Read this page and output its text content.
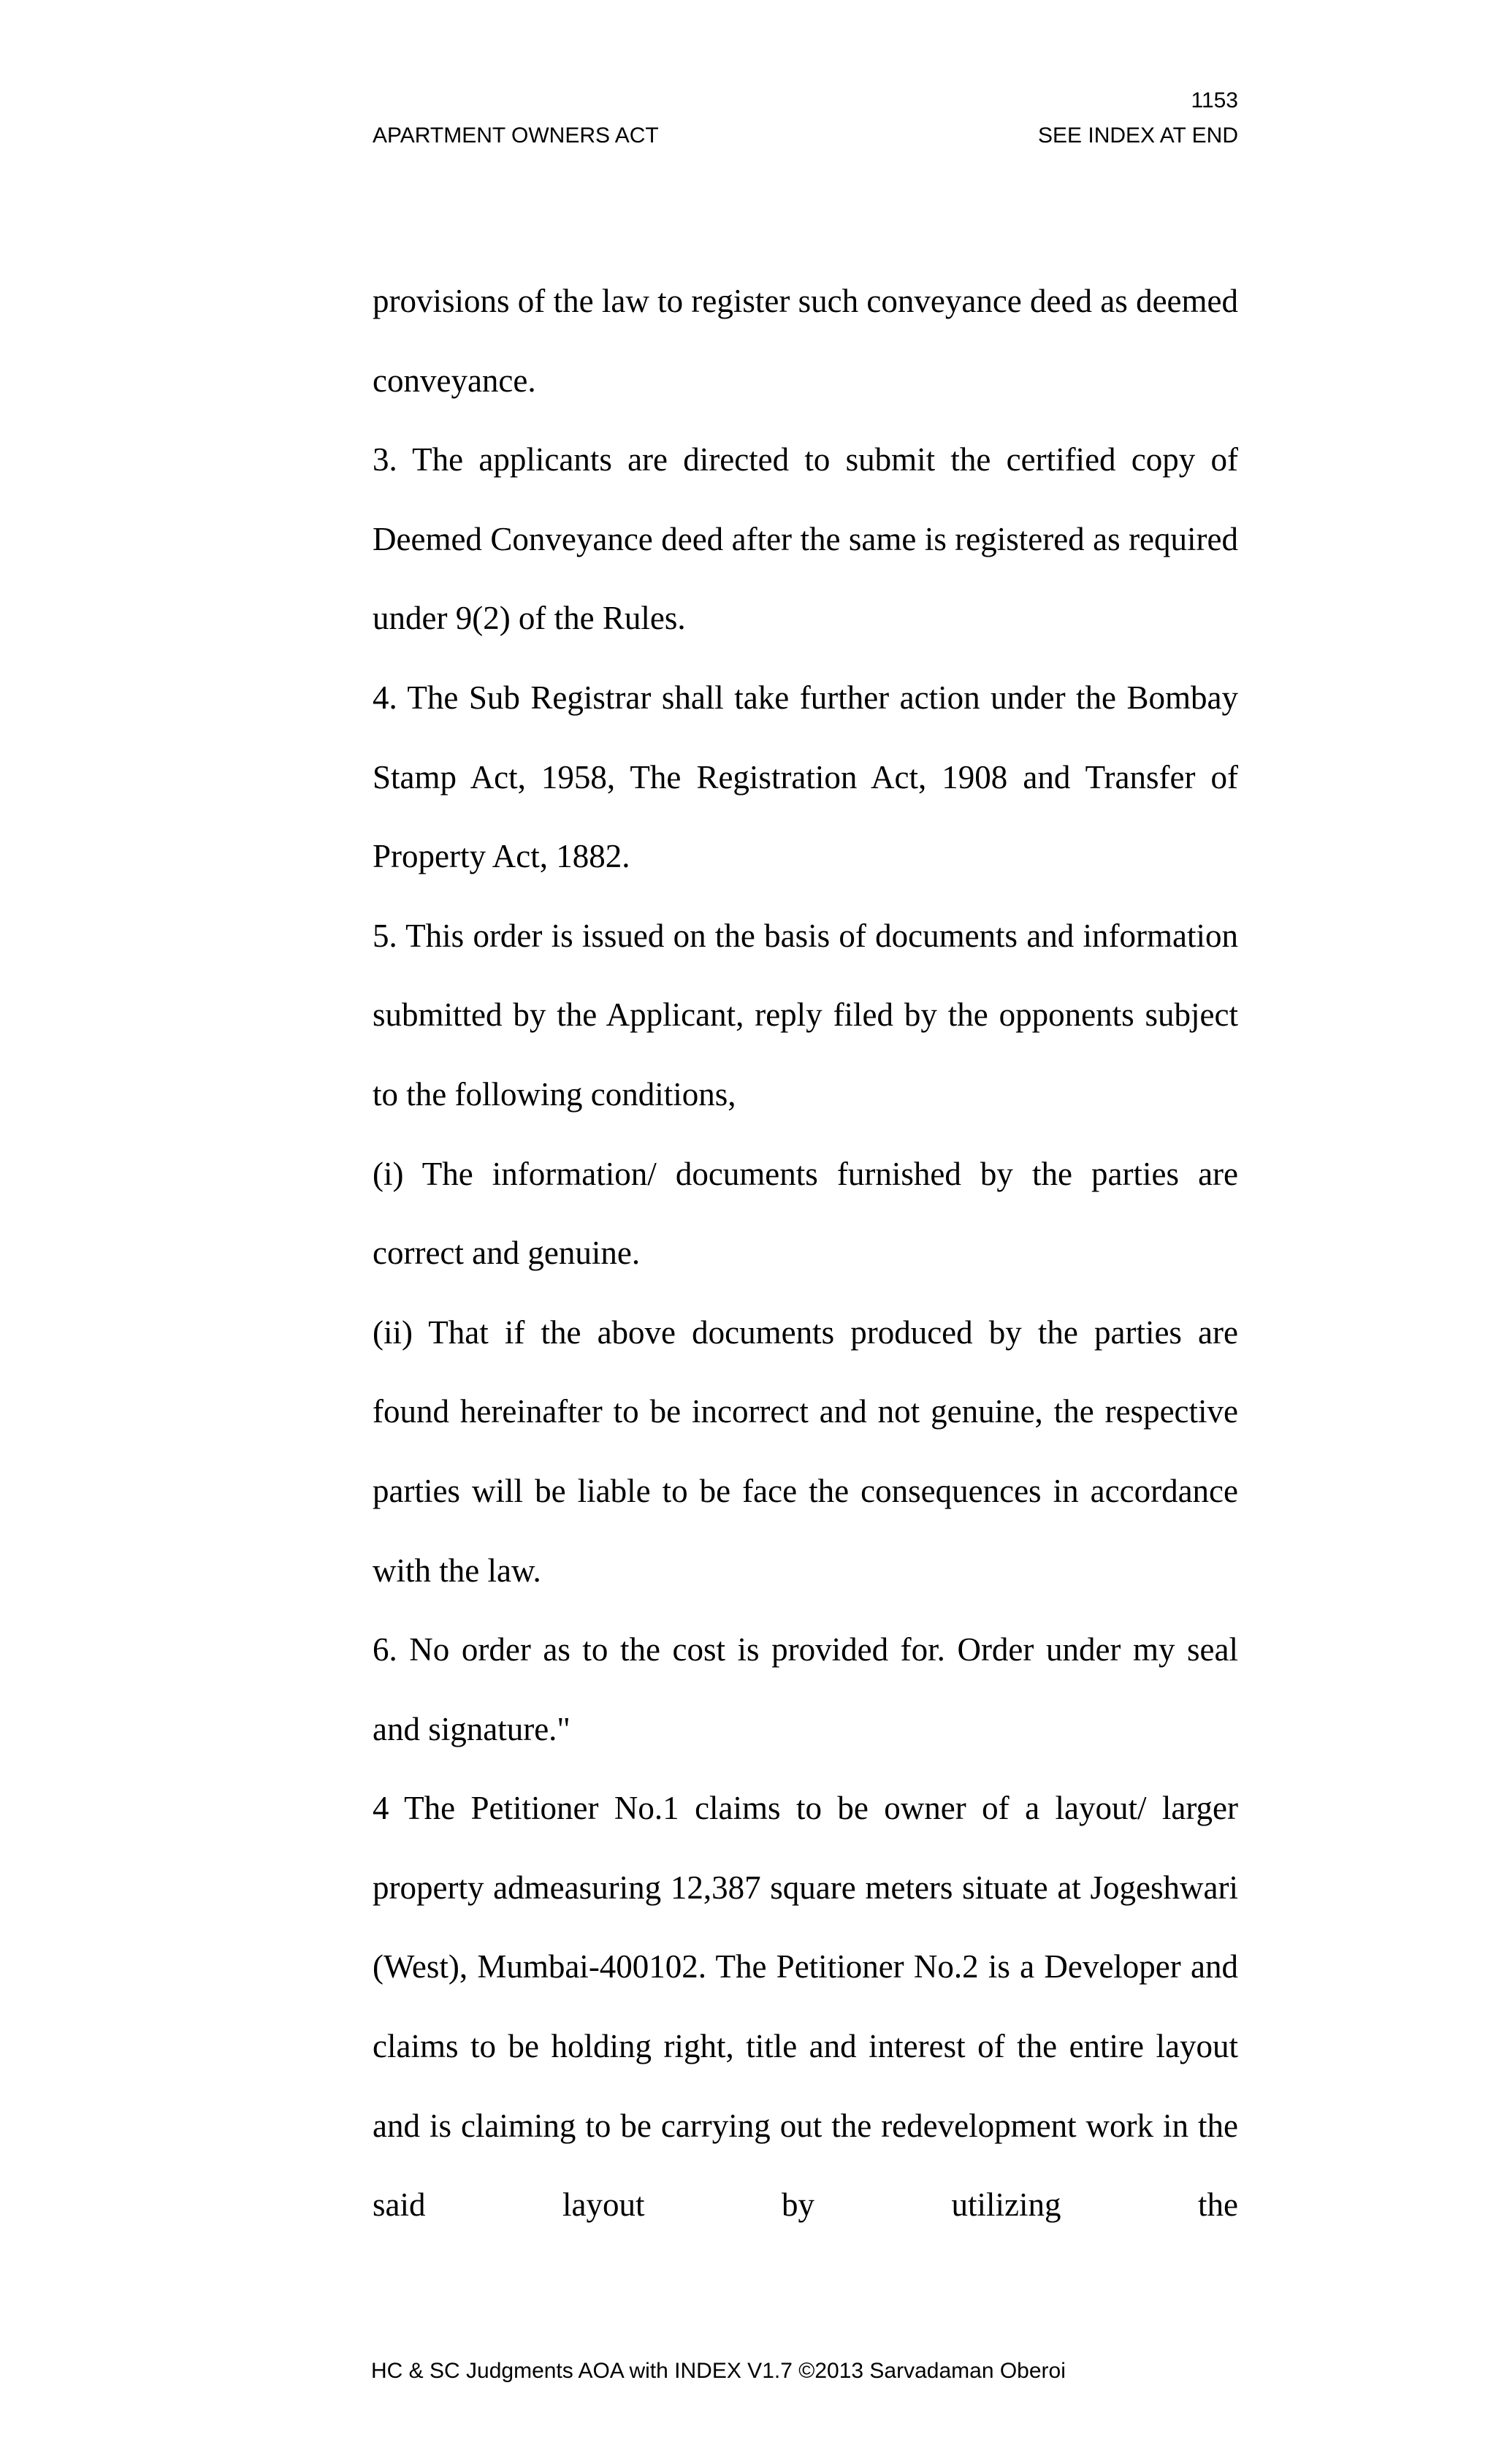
1153
APARTMENT OWNERS ACT	SEE INDEX AT END

provisions of the law to register such conveyance deed as deemed conveyance.

3. The applicants are directed to submit the certified copy of Deemed Conveyance deed after the same is registered as required under 9(2) of the Rules.

4. The Sub Registrar shall take further action under the Bombay Stamp Act, 1958, The Registration Act, 1908 and Transfer of Property Act, 1882.

5. This order is issued on the basis of documents and information submitted by the Applicant, reply filed by the opponents subject to the following conditions,

(i) The information/ documents furnished by the parties are correct and genuine.

(ii) That if the above documents produced by the parties are found hereinafter to be incorrect and not genuine, the respective parties will be liable to be face the consequences in accordance with the law.

6. No order as to the cost is provided for. Order under my seal and signature."

4 The Petitioner No.1 claims to be owner of a layout/ larger property admeasuring 12,387 square meters situate at Jogeshwari (West), Mumbai-400102. The Petitioner No.2 is a Developer and claims to be holding right, title and interest of the entire layout and is claiming to be carrying out the redevelopment work in the said layout by utilizing the

HC & SC Judgments AOA with INDEX V1.7 ©2013 Sarvadaman Oberoi
